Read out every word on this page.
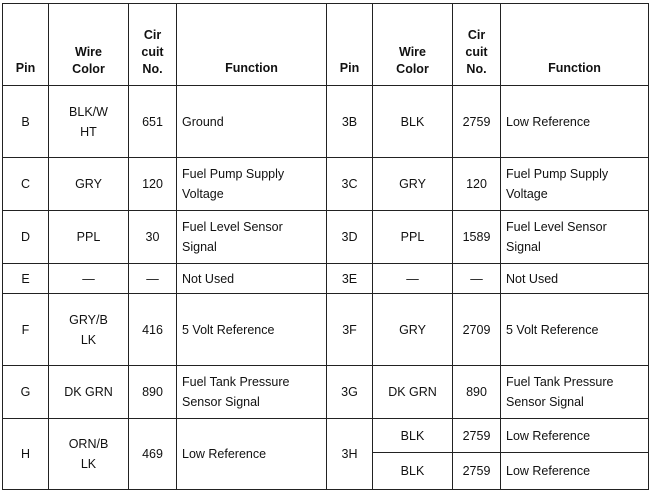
Pin	Wire Color	Cir cuit No.	Function	Pin	Wire Color	Cir cuit No.	Function
B	BLK/W HT	651	Ground	3B	BLK	2759	Low Reference
C	GRY	120	Fuel Pump Supply Voltage	3C	GRY	120	Fuel Pump Supply Voltage

D	PPL	30	Fuel Level Sensor Signal	3D	PPL	1589	Fuel Level Sensor Signal

E	—	—	Not Used	3E	—	—	Not Used
F	GRY/B LK	416	5 Volt Reference	3F	GRY	2709	5 Volt Reference
G	DK GRN	890	Fuel Tank Pressure Sensor Signal	3G	DK GRN	890	Fuel Tank Pressure Sensor Signal

H	ORN/B LK	469	Low Reference	3H	BLK	2759	Low Reference
					BLK	2759	Low Reference
